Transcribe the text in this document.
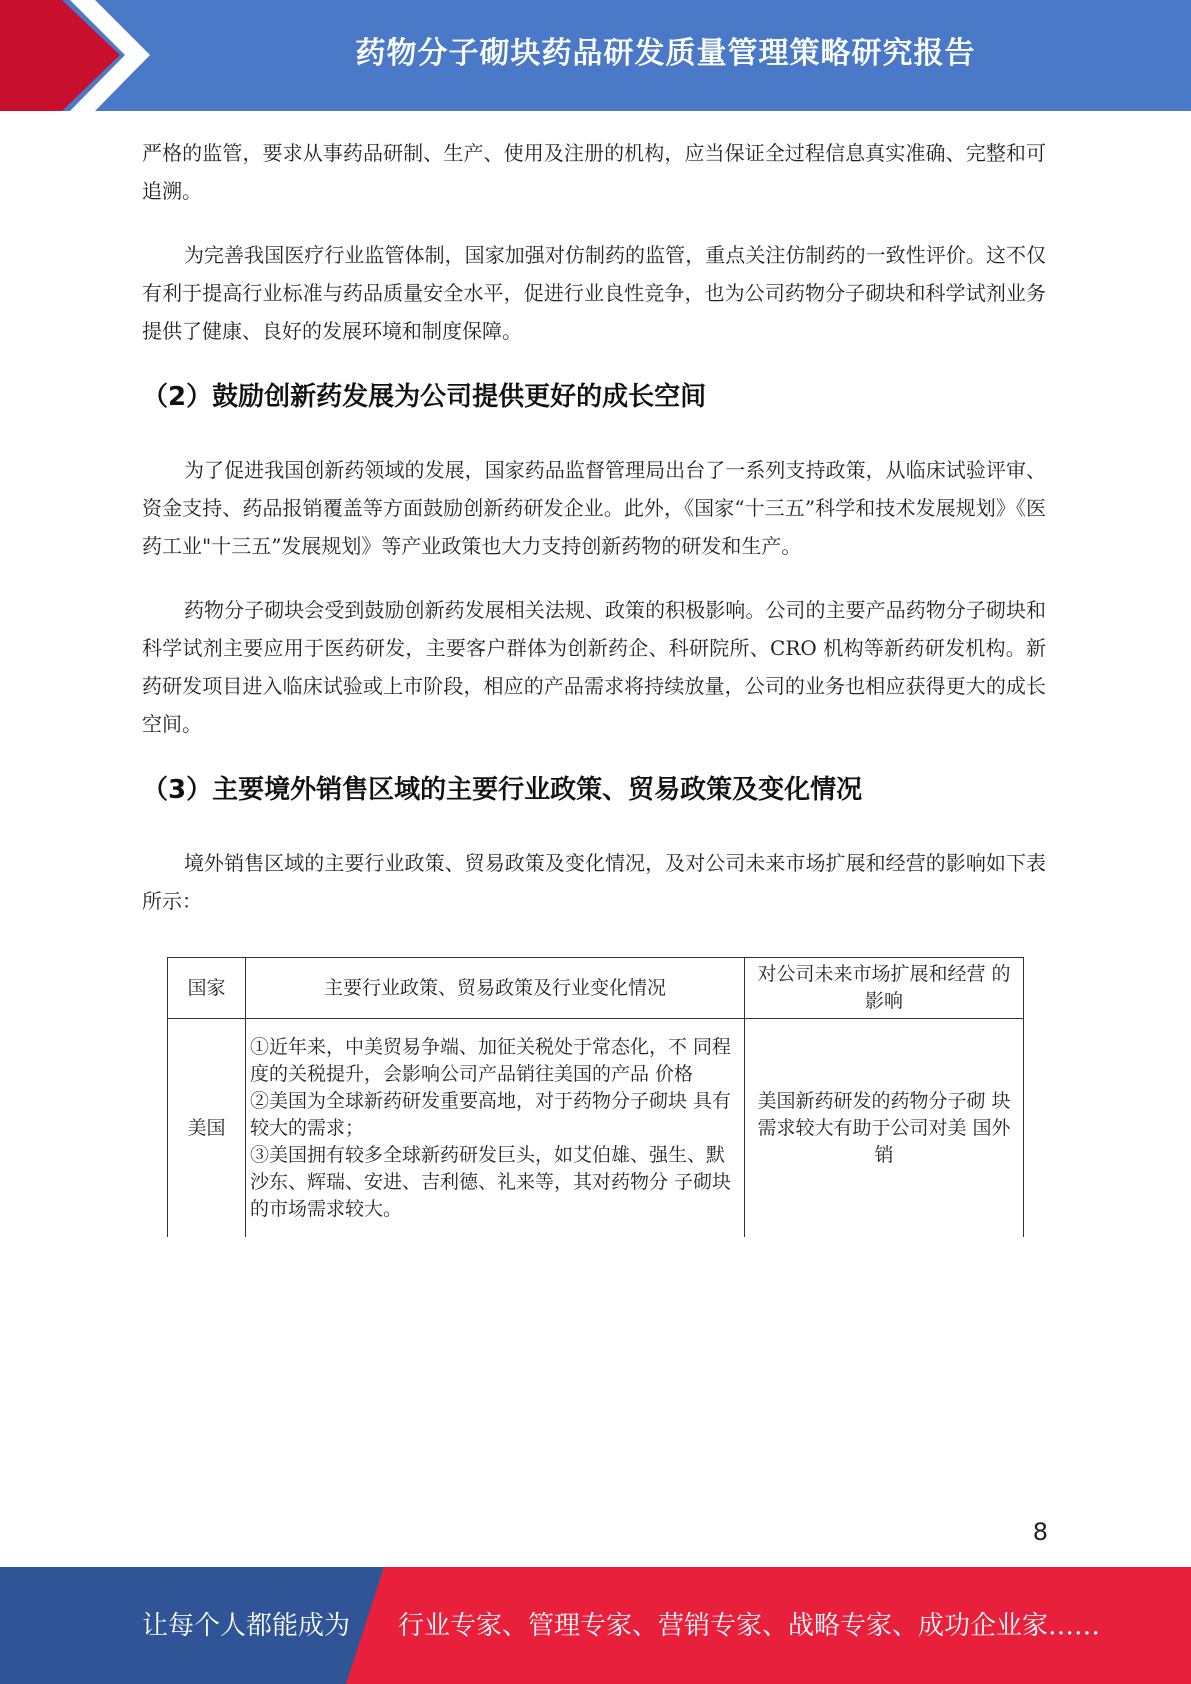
药物分子砌块药品研发质量管理策略研究报告

严格的监管，要求从事药品研制、生产、使用及注册的机构，应当保证全过程信息真实准确、完整和可追溯。

为完善我国医疗行业监管体制，国家加强对仿制药的监管，重点关注仿制药的一致性评价。这不仅有利于提高行业标准与药品质量安全水平，促进行业良性竞争，也为公司药物分子砌块和科学试剂业务提供了健康、良好的发展环境和制度保障。

（2）鼓励创新药发展为公司提供更好的成长空间

为了促进我国创新药领域的发展，国家药品监督管理局出台了一系列支持政策，从临床试验评审、资金支持、药品报销覆盖等方面鼓励创新药研发企业。此外，《国家“十三五”科学和技术发展规划》《医药工业"十三五”发展规划》等产业政策也大力支持创新药物的研发和生产。

药物分子砌块会受到鼓励创新药发展相关法规、政策的积极影响。公司的主要产品药物分子砌块和科学试剂主要应用于医药研发，主要客户群体为创新药企、科研院所、CRO 机构等新药研发机构。新药研发项目进入临床试验或上市阶段，相应的产品需求将持续放量，公司的业务也相应获得更大的成长空间。

（3）主要境外销售区域的主要行业政策、贸易政策及变化情况

境外销售区域的主要行业政策、贸易政策及变化情况，及对公司未来市场扩展和经营的影响如下表所示：

国家	主要行业政策、贸易政策及行业变化情况	对公司未来市场扩展和经营 的影响
美国	①近年来，中美贸易争端、加征关税处于常态化，不 同程度的关税提升，会影响公司产品销往美国的产品 价格
②美国为全球新药研发重要高地，对于药物分子砌块 具有较大的需求；
③美国拥有较多全球新药研发巨头，如艾伯雄、强生、默沙东、辉瑞、安进、吉利德、礼来等，其对药物分 子砌块的市场需求较大。	美国新药研发的药物分子砌 块需求较大有助于公司对美 国外销
8
让每个人都能成为 行业专家、管理专家、营销专家、战略专家、成功企业家……
